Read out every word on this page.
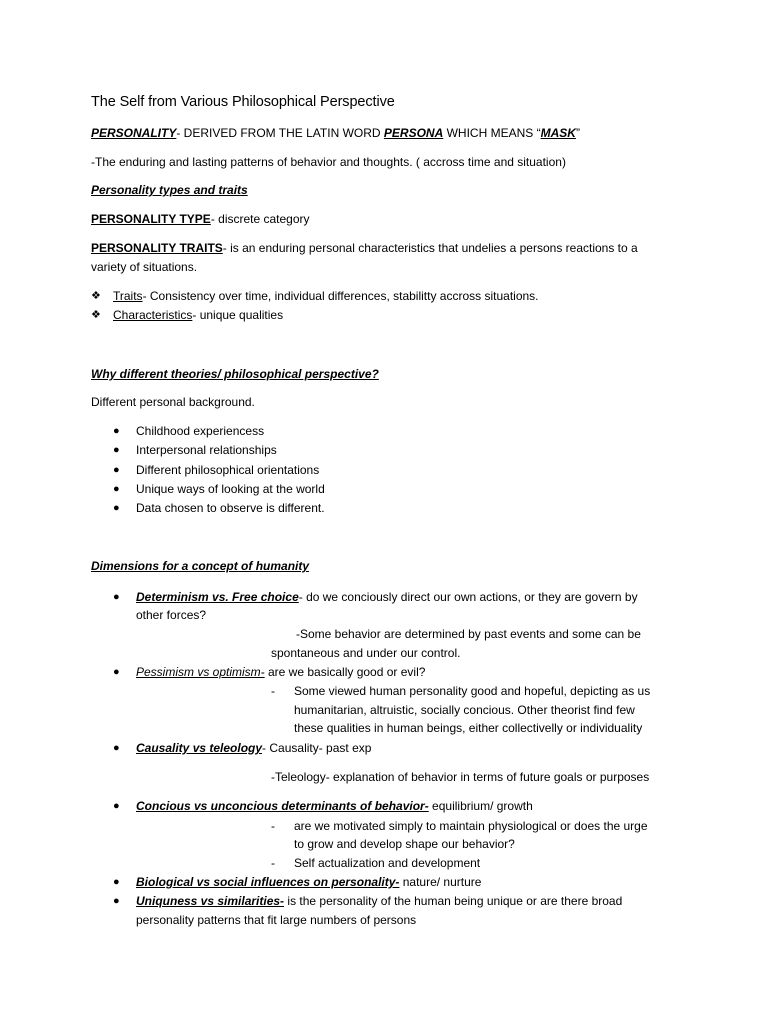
The Self from Various Philosophical Perspective
PERSONALITY- DERIVED FROM THE LATIN WORD PERSONA WHICH MEANS “MASK”
-The enduring and lasting patterns of behavior and thoughts. ( accross time and situation)
Personality types and traits
PERSONALITY TYPE- discrete category
PERSONALITY TRAITS- is an enduring personal characteristics that undelies a persons reactions to a
variety of situations.
❖ Traits- Consistency over time, individual differences, stabilitty accross situations.
❖ Characteristics- unique qualities
Why different theories/ philosophical perspective?
Different personal background.
● Childhood experiencess
● Interpersonal relationships
● Different philosophical orientations
● Unique ways of looking at the world
● Data chosen to observe is different.
Dimensions for a concept of humanity
● Determinism vs. Free choice- do we conciously direct our own actions, or they are govern by
other forces?
-Some behavior are determined by past events and some can be
spontaneous and under our control.
● Pessimism vs optimism- are we basically good or evil?
- Some viewed human personality good and hopeful, depicting as us
humanitarian, altruistic, socially concious. Other theorist find few
these qualities in human beings, either collectivelly or individuality
● Causality vs teleology- Causality- past exp
-Teleology- explanation of behavior in terms of future goals or purposes
● Concious vs unconcious determinants of behavior- equilibrium/ growth
- are we motivated simply to maintain physiological or does the urge
to grow and develop shape our behavior?
- Self actualization and development
● Biological vs social influences on personality- nature/ nurture
● Uniquness vs similarities- is the personality of the human being unique or are there broad
personality patterns that fit large numbers of persons
